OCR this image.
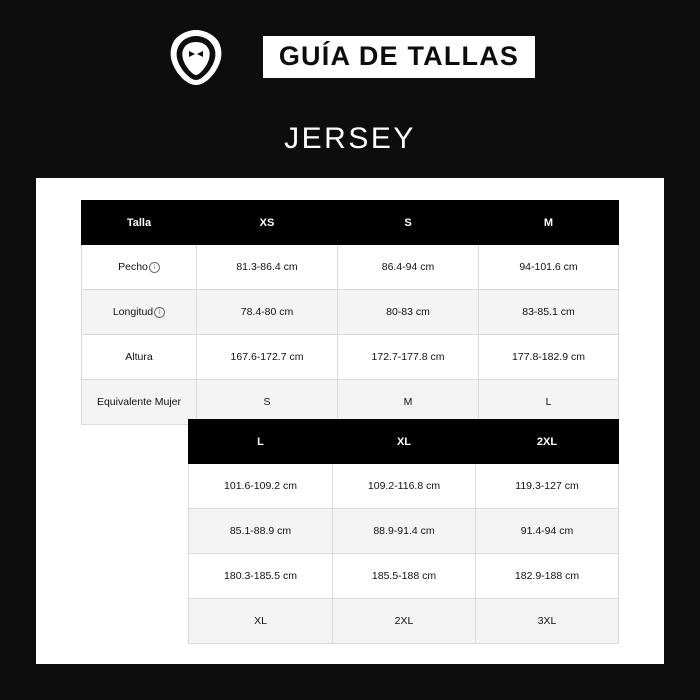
GUÍA DE TALLAS
JERSEY
Talla	XS	S	M
Pecho i	81.3-86.4 cm	86.4-94 cm	94-101.6 cm
Longitud i	78.4-80 cm	80-83 cm	83-85.1 cm
Altura	167.6-172.7 cm	172.7-177.8 cm	177.8-182.9 cm
Equivalente Mujer	S	M	L
L	XL	2XL
101.6-109.2 cm	109.2-116.8 cm	119.3-127 cm
85.1-88.9 cm	88.9-91.4 cm	91.4-94 cm
180.3-185.5 cm	185.5-188 cm	182.9-188 cm
XL	2XL	3XL
